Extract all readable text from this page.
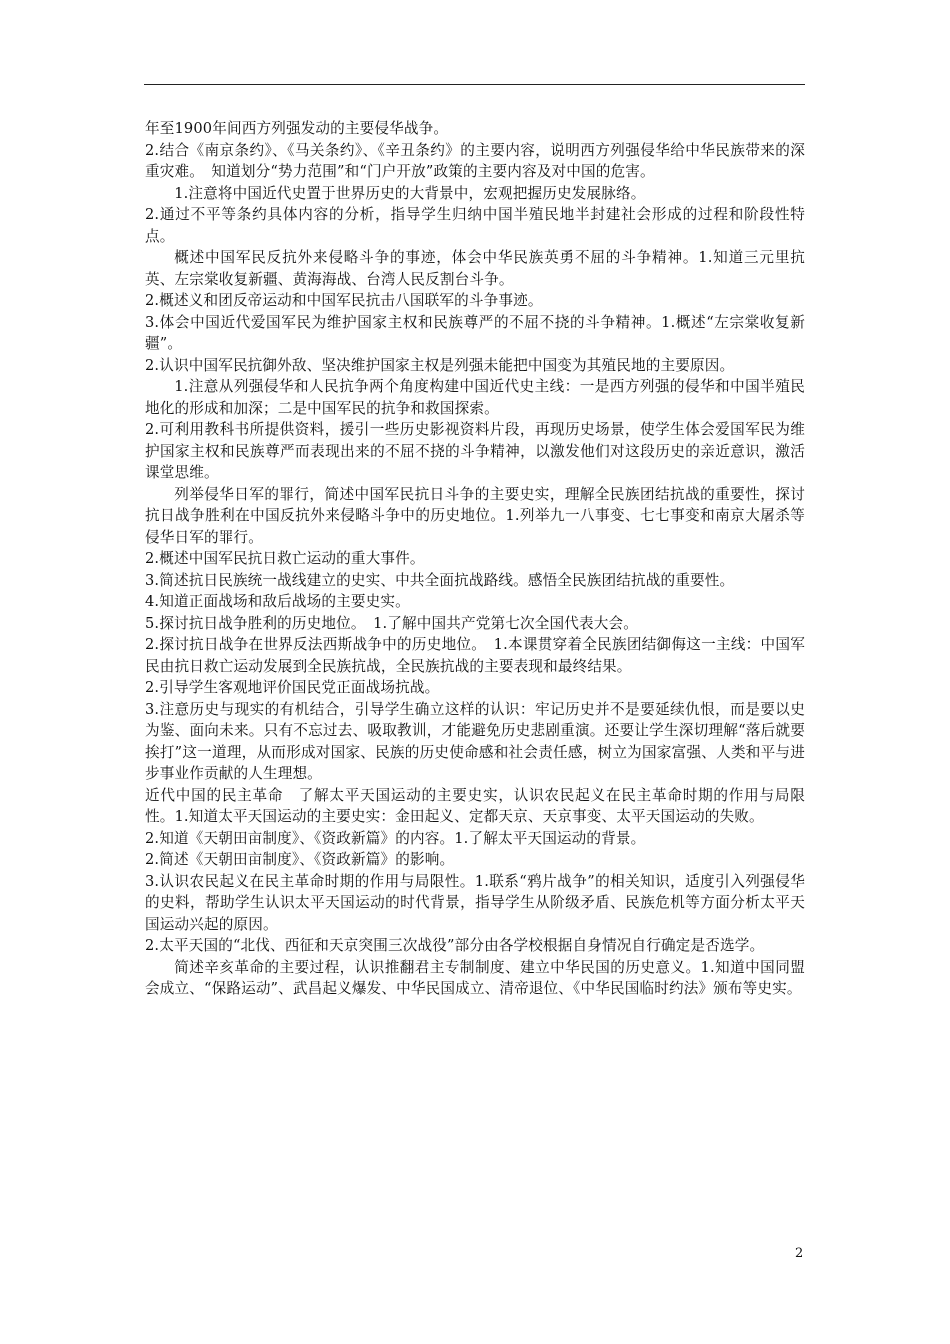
年至1900年间西方列强发动的主要侵华战争。

2.结合《南京条约》、《马关条约》、《辛丑条约》的主要内容，说明西方列强侵华给中华民族带来的深重灾难。　知道划分“势力范围”和“门户开放”政策的主要内容及对中国的危害。

1.注意将中国近代史置于世界历史的大背景中，宏观把握历史发展脉络。

2.通过不平等条约具体内容的分析，指导学生归纳中国半殖民地半封建社会形成的过程和阶段性特点。

概述中国军民反抗外来侵略斗争的事迹，体会中华民族英勇不屈的斗争精神。1.知道三元里抗英、左宗棠收复新疆、黄海海战、台湾人民反割台斗争。

2.概述义和团反帝运动和中国军民抗击八国联军的斗争事迹。

3.体会中国近代爱国军民为维护国家主权和民族尊严的不屈不挠的斗争精神。1.概述“左宗棠收复新疆”。

2.认识中国军民抗御外敌、坚决维护国家主权是列强未能把中国变为其殖民地的主要原因。

1.注意从列强侵华和人民抗争两个角度构建中国近代史主线：一是西方列强的侵华和中国半殖民地化的形成和加深；二是中国军民的抗争和救国探索。

2.可利用教科书所提供资料，援引一些历史影视资料片段，再现历史场景，使学生体会爱国军民为维护国家主权和民族尊严而表现出来的不屈不挠的斗争精神，以激发他们对这段历史的亲近意识，激活课堂思维。

列举侵华日军的罪行，简述中国军民抗日斗争的主要史实，理解全民族团结抗战的重要性，探讨抗日战争胜利在中国反抗外来侵略斗争中的历史地位。1.列举九一八事变、七七事变和南京大屠杀等侵华日军的罪行。

2.概述中国军民抗日救亡运动的重大事件。

3.简述抗日民族统一战线建立的史实、中共全面抗战路线。感悟全民族团结抗战的重要性。

4.知道正面战场和敌后战场的主要史实。

5.探讨抗日战争胜利的历史地位。　1.了解中国共产党第七次全国代表大会。

2.探讨抗日战争在世界反法西斯战争中的历史地位。　1.本课贯穿着全民族团结御侮这一主线：中国军民由抗日救亡运动发展到全民族抗战，全民族抗战的主要表现和最终结果。

2.引导学生客观地评价国民党正面战场抗战。

3.注意历史与现实的有机结合，引导学生确立这样的认识：牢记历史并不是要延续仇恨，而是要以史为鉴、面向未来。只有不忘过去、吸取教训，才能避免历史悲剧重演。还要让学生深切理解“落后就要挨打”这一道理，从而形成对国家、民族的历史使命感和社会责任感，树立为国家富强、人类和平与进步事业作贡献的人生理想。

近代中国的民主革命　了解太平天国运动的主要史实，认识农民起义在民主革命时期的作用与局限性。1.知道太平天国运动的主要史实：金田起义、定都天京、天京事变、太平天国运动的失败。

2.知道《天朝田亩制度》、《资政新篇》的内容。1.了解太平天国运动的背景。

2.简述《天朝田亩制度》、《资政新篇》的影响。

3.认识农民起义在民主革命时期的作用与局限性。1.联系“鸦片战争”的相关知识，适度引入列强侵华的史料，帮助学生认识太平天国运动的时代背景，指导学生从阶级矛盾、民族危机等方面分析太平天国运动兴起的原因。

2.太平天国的“北伐、西征和天京突围三次战役”部分由各学校根据自身情况自行确定是否选学。

简述辛亥革命的主要过程，认识推翻君主专制制度、建立中华民国的历史意义。1.知道中国同盟会成立、“保路运动”、武昌起义爆发、中华民国成立、清帝退位、《中华民国临时约法》颁布等史实。

2
